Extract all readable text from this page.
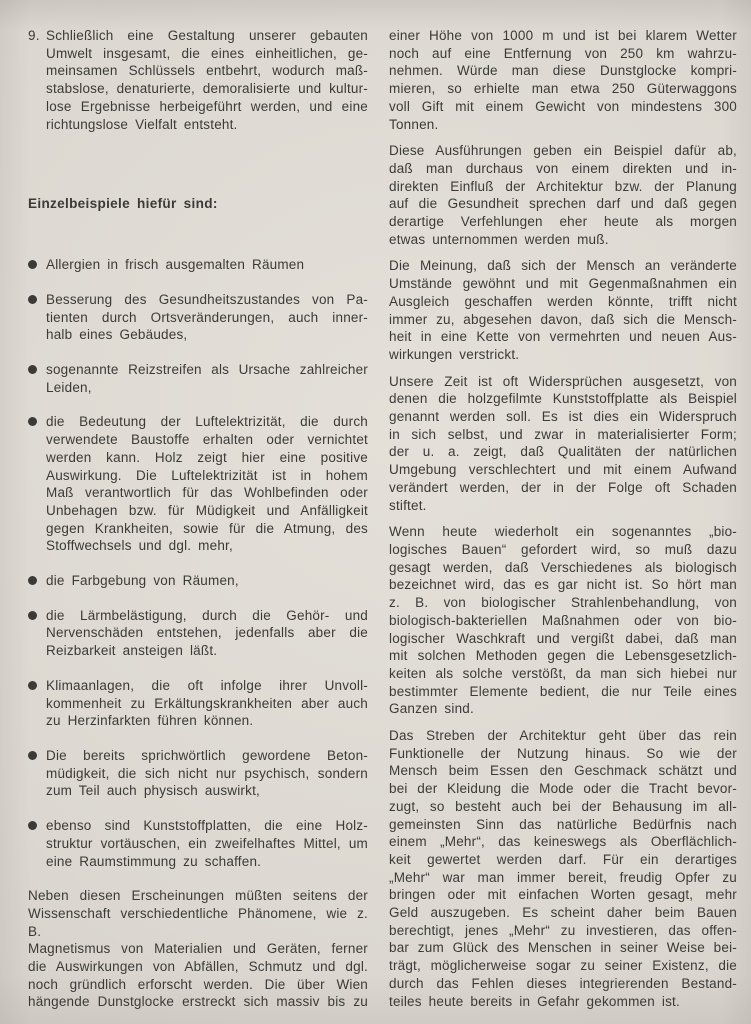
9. Schließlich eine Gestaltung unserer gebauten
Umwelt insgesamt, die eines einheitlichen, ge-
meinsamen Schlüssels entbehrt, wodurch maß-
stabslose, denaturierte, demoralisierte und kultur-
lose Ergebnisse herbeigeführt werden, und eine
richtungslose Vielfalt entsteht.
Einzelbeispiele hiefür sind:
Allergien in frisch ausgemalten Räumen
Besserung des Gesundheitszustandes von Pa-
tienten durch Ortsveränderungen, auch inner-
halb eines Gebäudes,
sogenannte Reizstreifen als Ursache zahlreicher
Leiden,
die Bedeutung der Luftelektrizität, die durch
verwendete Baustoffe erhalten oder vernichtet
werden kann. Holz zeigt hier eine positive
Auswirkung. Die Luftelektrizität ist in hohem
Maß verantwortlich für das Wohlbefinden oder
Unbehagen bzw. für Müdigkeit und Anfälligkeit
gegen Krankheiten, sowie für die Atmung, des
Stoffwechsels und dgl. mehr,
die Farbgebung von Räumen,
die Lärmbelästigung, durch die Gehör- und
Nervenschäden entstehen, jedenfalls aber die
Reizbarkeit ansteigen läßt.
Klimaanlagen, die oft infolge ihrer Unvoll-
kommenheit zu Erkältungskrankheiten aber auch
zu Herzinfarkten führen können.
Die bereits sprichwörtlich gewordene Beton-
müdigkeit, die sich nicht nur psychisch, sondern
zum Teil auch physisch auswirkt,
ebenso sind Kunststoffplatten, die eine Holz-
struktur vortäuschen, ein zweifelhaftes Mittel, um
eine Raumstimmung zu schaffen.
Neben diesen Erscheinungen müßten seitens der
Wissenschaft verschiedentliche Phänomene, wie z. B.
Magnetismus von Materialien und Geräten, ferner
die Auswirkungen von Abfällen, Schmutz und dgl.
noch gründlich erforscht werden. Die über Wien
hängende Dunstglocke erstreckt sich massiv bis zu
einer Höhe von 1000 m und ist bei klarem Wetter
noch auf eine Entfernung von 250 km wahrzu-
nehmen. Würde man diese Dunstglocke kompri-
mieren, so erhielte man etwa 250 Güterwaggons
voll Gift mit einem Gewicht von mindestens 300
Tonnen.
Diese Ausführungen geben ein Beispiel dafür ab,
daß man durchaus von einem direkten und in-
direkten Einfluß der Architektur bzw. der Planung
auf die Gesundheit sprechen darf und daß gegen
derartige Verfehlungen eher heute als morgen
etwas unternommen werden muß.
Die Meinung, daß sich der Mensch an veränderte
Umstände gewöhnt und mit Gegenmaßnahmen ein
Ausgleich geschaffen werden könnte, trifft nicht
immer zu, abgesehen davon, daß sich die Mensch-
heit in eine Kette von vermehrten und neuen Aus-
wirkungen verstrickt.
Unsere Zeit ist oft Widersprüchen ausgesetzt, von
denen die holzgefilmte Kunststoffplatte als Beispiel
genannt werden soll. Es ist dies ein Widerspruch
in sich selbst, und zwar in materialisierter Form;
der u. a. zeigt, daß Qualitäten der natürlichen
Umgebung verschlechtert und mit einem Aufwand
verändert werden, der in der Folge oft Schaden
stiftet.
Wenn heute wiederholt ein sogenanntes „bio-
logisches Bauen“ gefordert wird, so muß dazu
gesagt werden, daß Verschiedenes als biologisch
bezeichnet wird, das es gar nicht ist. So hört man
z. B. von biologischer Strahlenbehandlung, von
biologisch-bakteriellen Maßnahmen oder von bio-
logischer Waschkraft und vergißt dabei, daß man
mit solchen Methoden gegen die Lebensgesetzlich-
keiten als solche verstößt, da man sich hiebei nur
bestimmter Elemente bedient, die nur Teile eines
Ganzen sind.
Das Streben der Architektur geht über das rein
Funktionelle der Nutzung hinaus. So wie der
Mensch beim Essen den Geschmack schätzt und
bei der Kleidung die Mode oder die Tracht bevor-
zugt, so besteht auch bei der Behausung im all-
gemeinsten Sinn das natürliche Bedürfnis nach
einem „Mehr“, das keineswegs als Oberflächlich-
keit gewertet werden darf. Für ein derartiges
„Mehr“ war man immer bereit, freudig Opfer zu
bringen oder mit einfachen Worten gesagt, mehr
Geld auszugeben. Es scheint daher beim Bauen
berechtigt, jenes „Mehr“ zu investieren, das offen-
bar zum Glück des Menschen in seiner Weise bei-
trägt, möglicherweise sogar zu seiner Existenz, die
durch das Fehlen dieses integrierenden Bestand-
teiles heute bereits in Gefahr gekommen ist.
